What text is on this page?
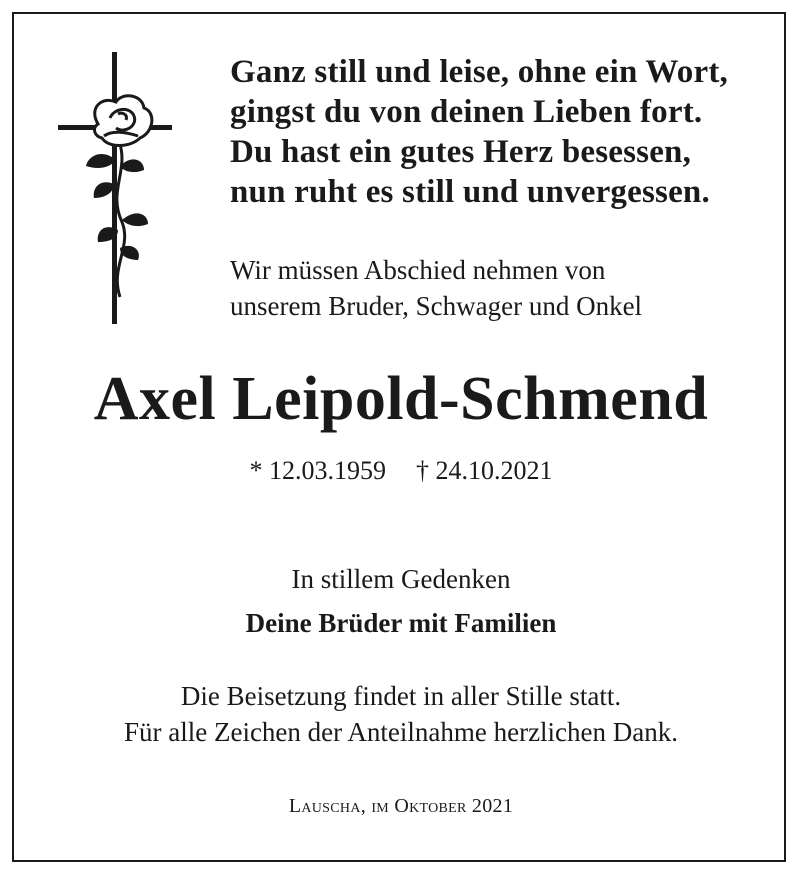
Ganz still und leise, ohne ein Wort,
gingst du von deinen Lieben fort.
Du hast ein gutes Herz besessen,
nun ruht es still und unvergessen.
Wir müssen Abschied nehmen von
unserem Bruder, Schwager und Onkel
Axel Leipold-Schmend
* 12.03.1959 † 24.10.2021
In stillem Gedenken
Deine Brüder mit Familien
Die Beisetzung findet in aller Stille statt.
Für alle Zeichen der Anteilnahme herzlichen Dank.
Lauscha, im Oktober 2021
